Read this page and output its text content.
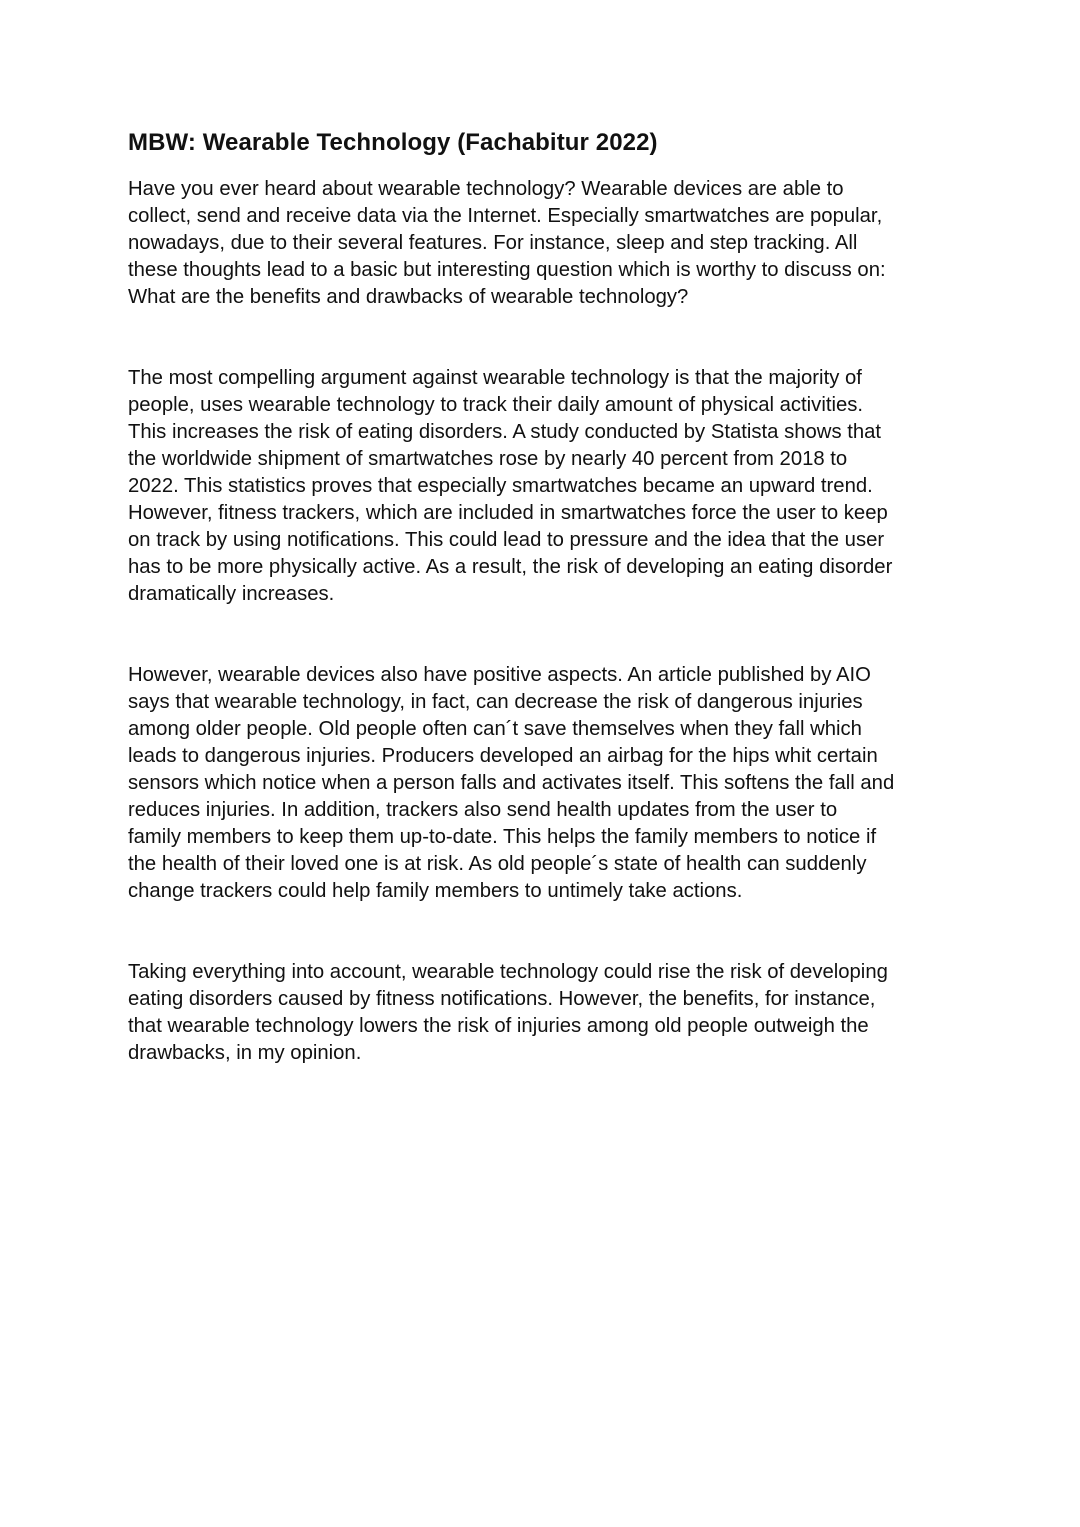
MBW: Wearable Technology (Fachabitur 2022)

Have you ever heard about wearable technology? Wearable devices are able to
collect, send and receive data via the Internet. Especially smartwatches are popular,
nowadays, due to their several features. For instance, sleep and step tracking. All
these thoughts lead to a basic but interesting question which is worthy to discuss on:
What are the benefits and drawbacks of wearable technology?

The most compelling argument against wearable technology is that the majority of
people, uses wearable technology to track their daily amount of physical activities.
This increases the risk of eating disorders. A study conducted by Statista shows that
the worldwide shipment of smartwatches rose by nearly 40 percent from 2018 to
2022. This statistics proves that especially smartwatches became an upward trend.
However, fitness trackers, which are included in smartwatches force the user to keep
on track by using notifications. This could lead to pressure and the idea that the user
has to be more physically active. As a result, the risk of developing an eating disorder
dramatically increases.

However, wearable devices also have positive aspects. An article published by AIO
says that wearable technology, in fact, can decrease the risk of dangerous injuries
among older people. Old people often can´t save themselves when they fall which
leads to dangerous injuries. Producers developed an airbag for the hips whit certain
sensors which notice when a person falls and activates itself. This softens the fall and
reduces injuries. In addition, trackers also send health updates from the user to
family members to keep them up-to-date. This helps the family members to notice if
the health of their loved one is at risk. As old people´s state of health can suddenly
change trackers could help family members to untimely take actions.

Taking everything into account, wearable technology could rise the risk of developing
eating disorders caused by fitness notifications. However, the benefits, for instance,
that wearable technology lowers the risk of injuries among old people outweigh the
drawbacks, in my opinion.
